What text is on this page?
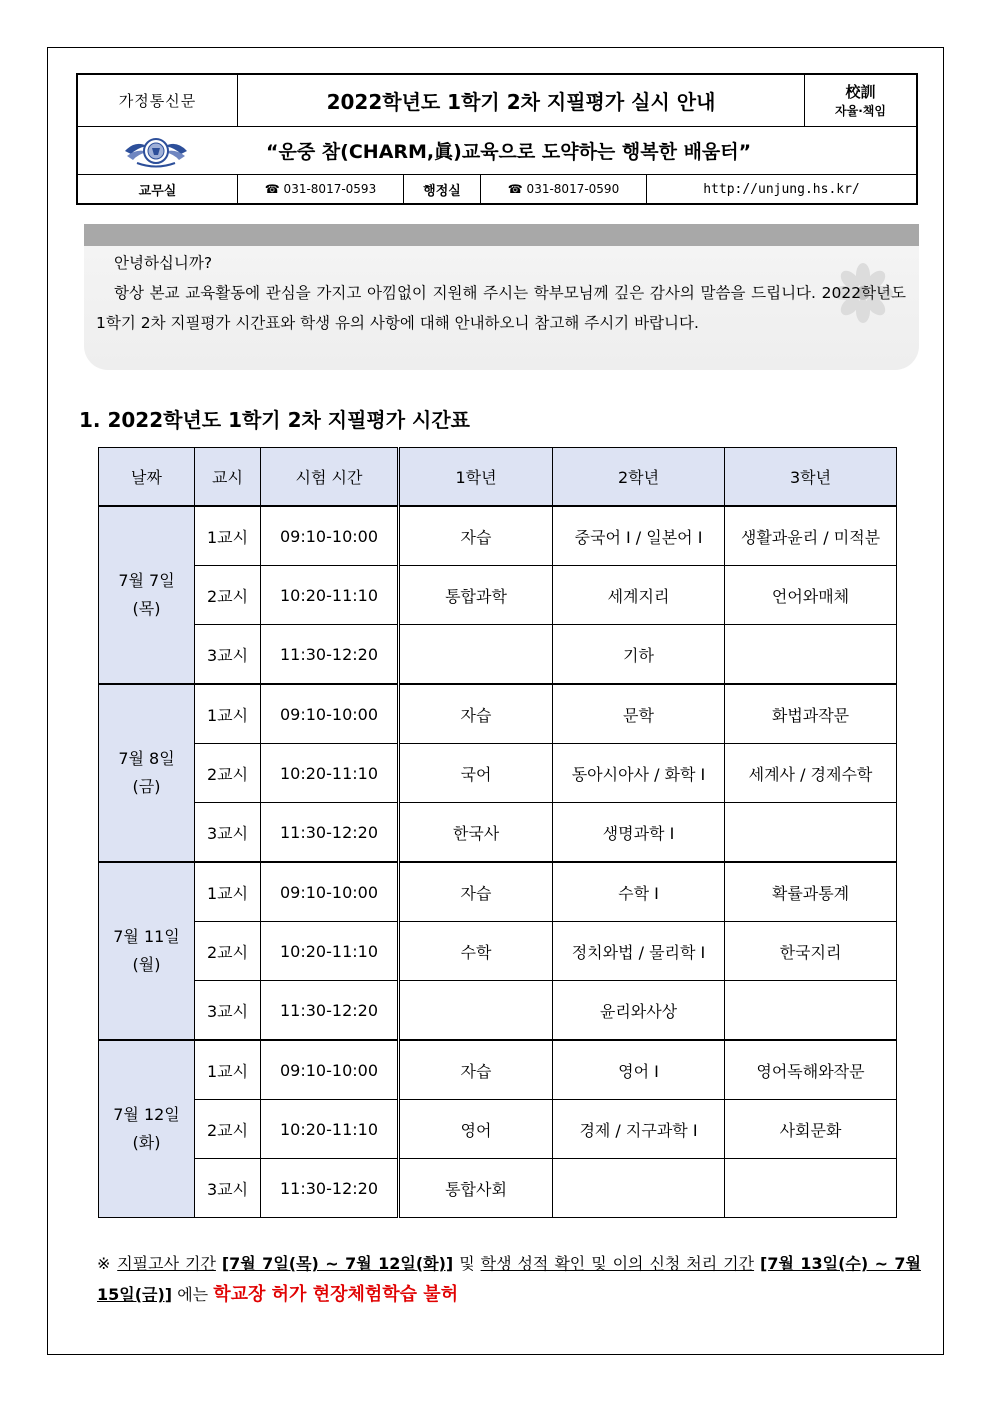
가정통신문	2022학년도 1학기 2차 지필평가 실시 안내	校訓
자율·책임
“운중 참(CHARM,眞)교육으로 도약하는 행복한 배움터”
교무실	☎ 031-8017-0593	행정실	☎ 031-8017-0590	http://unjung.hs.kr/

안녕하십니까?

항상 본교 교육활동에 관심을 가지고 아낌없이 지원해 주시는 학부모님께 깊은 감사의 말씀을 드립니다. 2022학년도 1학기 2차 지필평가 시간표와 학생 유의 사항에 대해 안내하오니 참고해 주시기 바랍니다.

1. 2022학년도 1학기 2차 지필평가 시간표
날짜	교시	시험 시간	1학년	2학년	3학년

7월 7일
(목)	1교시	09:10-10:00	자습	중국어 I / 일본어 I	생활과윤리 / 미적분
	2교시	10:20-11:10	통합과학	세계지리	언어와매체
	3교시	11:30-12:20		기하	

7월 8일
(금)	1교시	09:10-10:00	자습	문학	화법과작문
	2교시	10:20-11:10	국어	동아시아사 / 화학 I	세계사 / 경제수학
	3교시	11:30-12:20	한국사	생명과학 I	

7월 11일
(월)	1교시	09:10-10:00	자습	수학 I	확률과통계
	2교시	10:20-11:10	수학	정치와법 / 물리학 I	한국지리
	3교시	11:30-12:20		윤리와사상	

7월 12일
(화)	1교시	09:10-10:00	자습	영어 I	영어독해와작문
	2교시	10:20-11:10	영어	경제 / 지구과학 I	사회문화
	3교시	11:30-12:20	통합사회		
※ 지필고사 기간 [7월 7일(목) ~ 7월 12일(화)] 및 학생 성적 확인 및 이의 신청 처리 기간 [7월 13일(수) ~ 7월 15일(금)] 에는 학교장 허가 현장체험학습 불허
